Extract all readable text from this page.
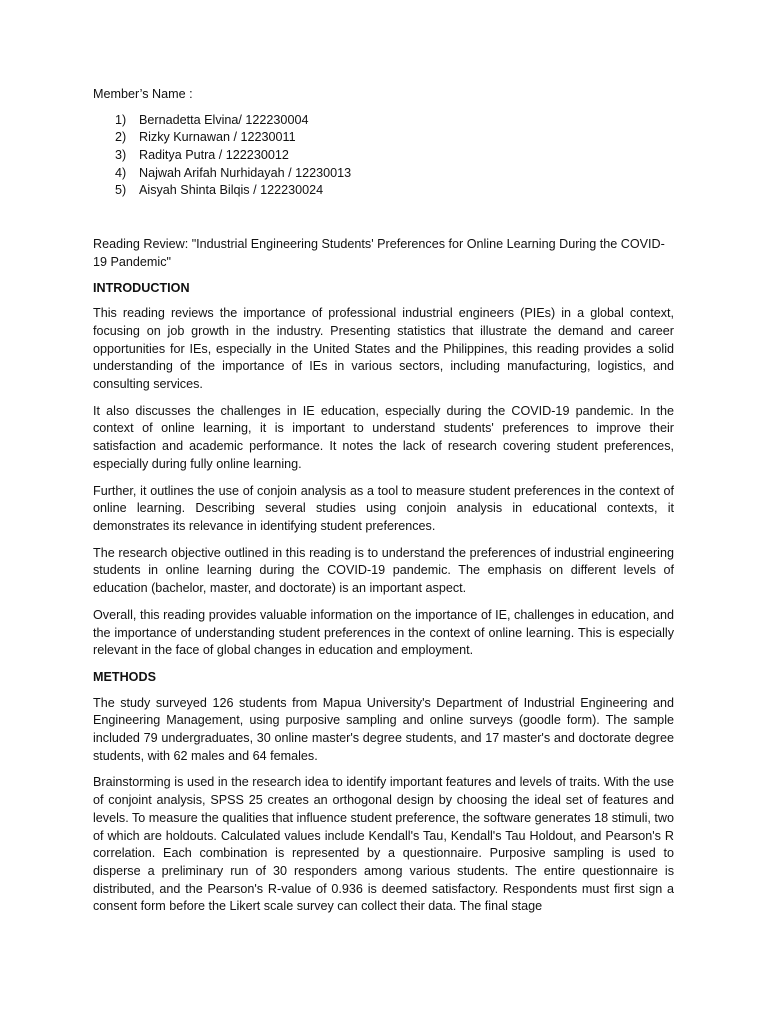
Member’s Name :

1) Bernadetta Elvina/ 122230004
2) Rizky Kurnawan / 12230011
3) Raditya Putra / 122230012
4) Najwah Arifah Nurhidayah / 12230013
5) Aisyah Shinta Bilqis / 122230024

Reading Review: "Industrial Engineering Students' Preferences for Online Learning During the COVID-19 Pandemic"

INTRODUCTION

This reading reviews the importance of professional industrial engineers (PIEs) in a global context, focusing on job growth in the industry. Presenting statistics that illustrate the demand and career opportunities for IEs, especially in the United States and the Philippines, this reading provides a solid understanding of the importance of IEs in various sectors, including manufacturing, logistics, and consulting services.

It also discusses the challenges in IE education, especially during the COVID-19 pandemic. In the context of online learning, it is important to understand students' preferences to improve their satisfaction and academic performance. It notes the lack of research covering student preferences, especially during fully online learning.

Further, it outlines the use of conjoin analysis as a tool to measure student preferences in the context of online learning. Describing several studies using conjoin analysis in educational contexts, it demonstrates its relevance in identifying student preferences.

The research objective outlined in this reading is to understand the preferences of industrial engineering students in online learning during the COVID-19 pandemic. The emphasis on different levels of education (bachelor, master, and doctorate) is an important aspect.

Overall, this reading provides valuable information on the importance of IE, challenges in education, and the importance of understanding student preferences in the context of online learning. This is especially relevant in the face of global changes in education and employment.

METHODS

The study surveyed 126 students from Mapua University's Department of Industrial Engineering and Engineering Management, using purposive sampling and online surveys (goodle form). The sample included 79 undergraduates, 30 online master's degree students, and 17 master's and doctorate degree students, with 62 males and 64 females.

Brainstorming is used in the research idea to identify important features and levels of traits. With the use of conjoint analysis, SPSS 25 creates an orthogonal design by choosing the ideal set of features and levels. To measure the qualities that influence student preference, the software generates 18 stimuli, two of which are holdouts. Calculated values include Kendall's Tau, Kendall's Tau Holdout, and Pearson's R correlation. Each combination is represented by a questionnaire. Purposive sampling is used to disperse a preliminary run of 30 responders among various students. The entire questionnaire is distributed, and the Pearson's R-value of 0.936 is deemed satisfactory. Respondents must first sign a consent form before the Likert scale survey can collect their data. The final stage
